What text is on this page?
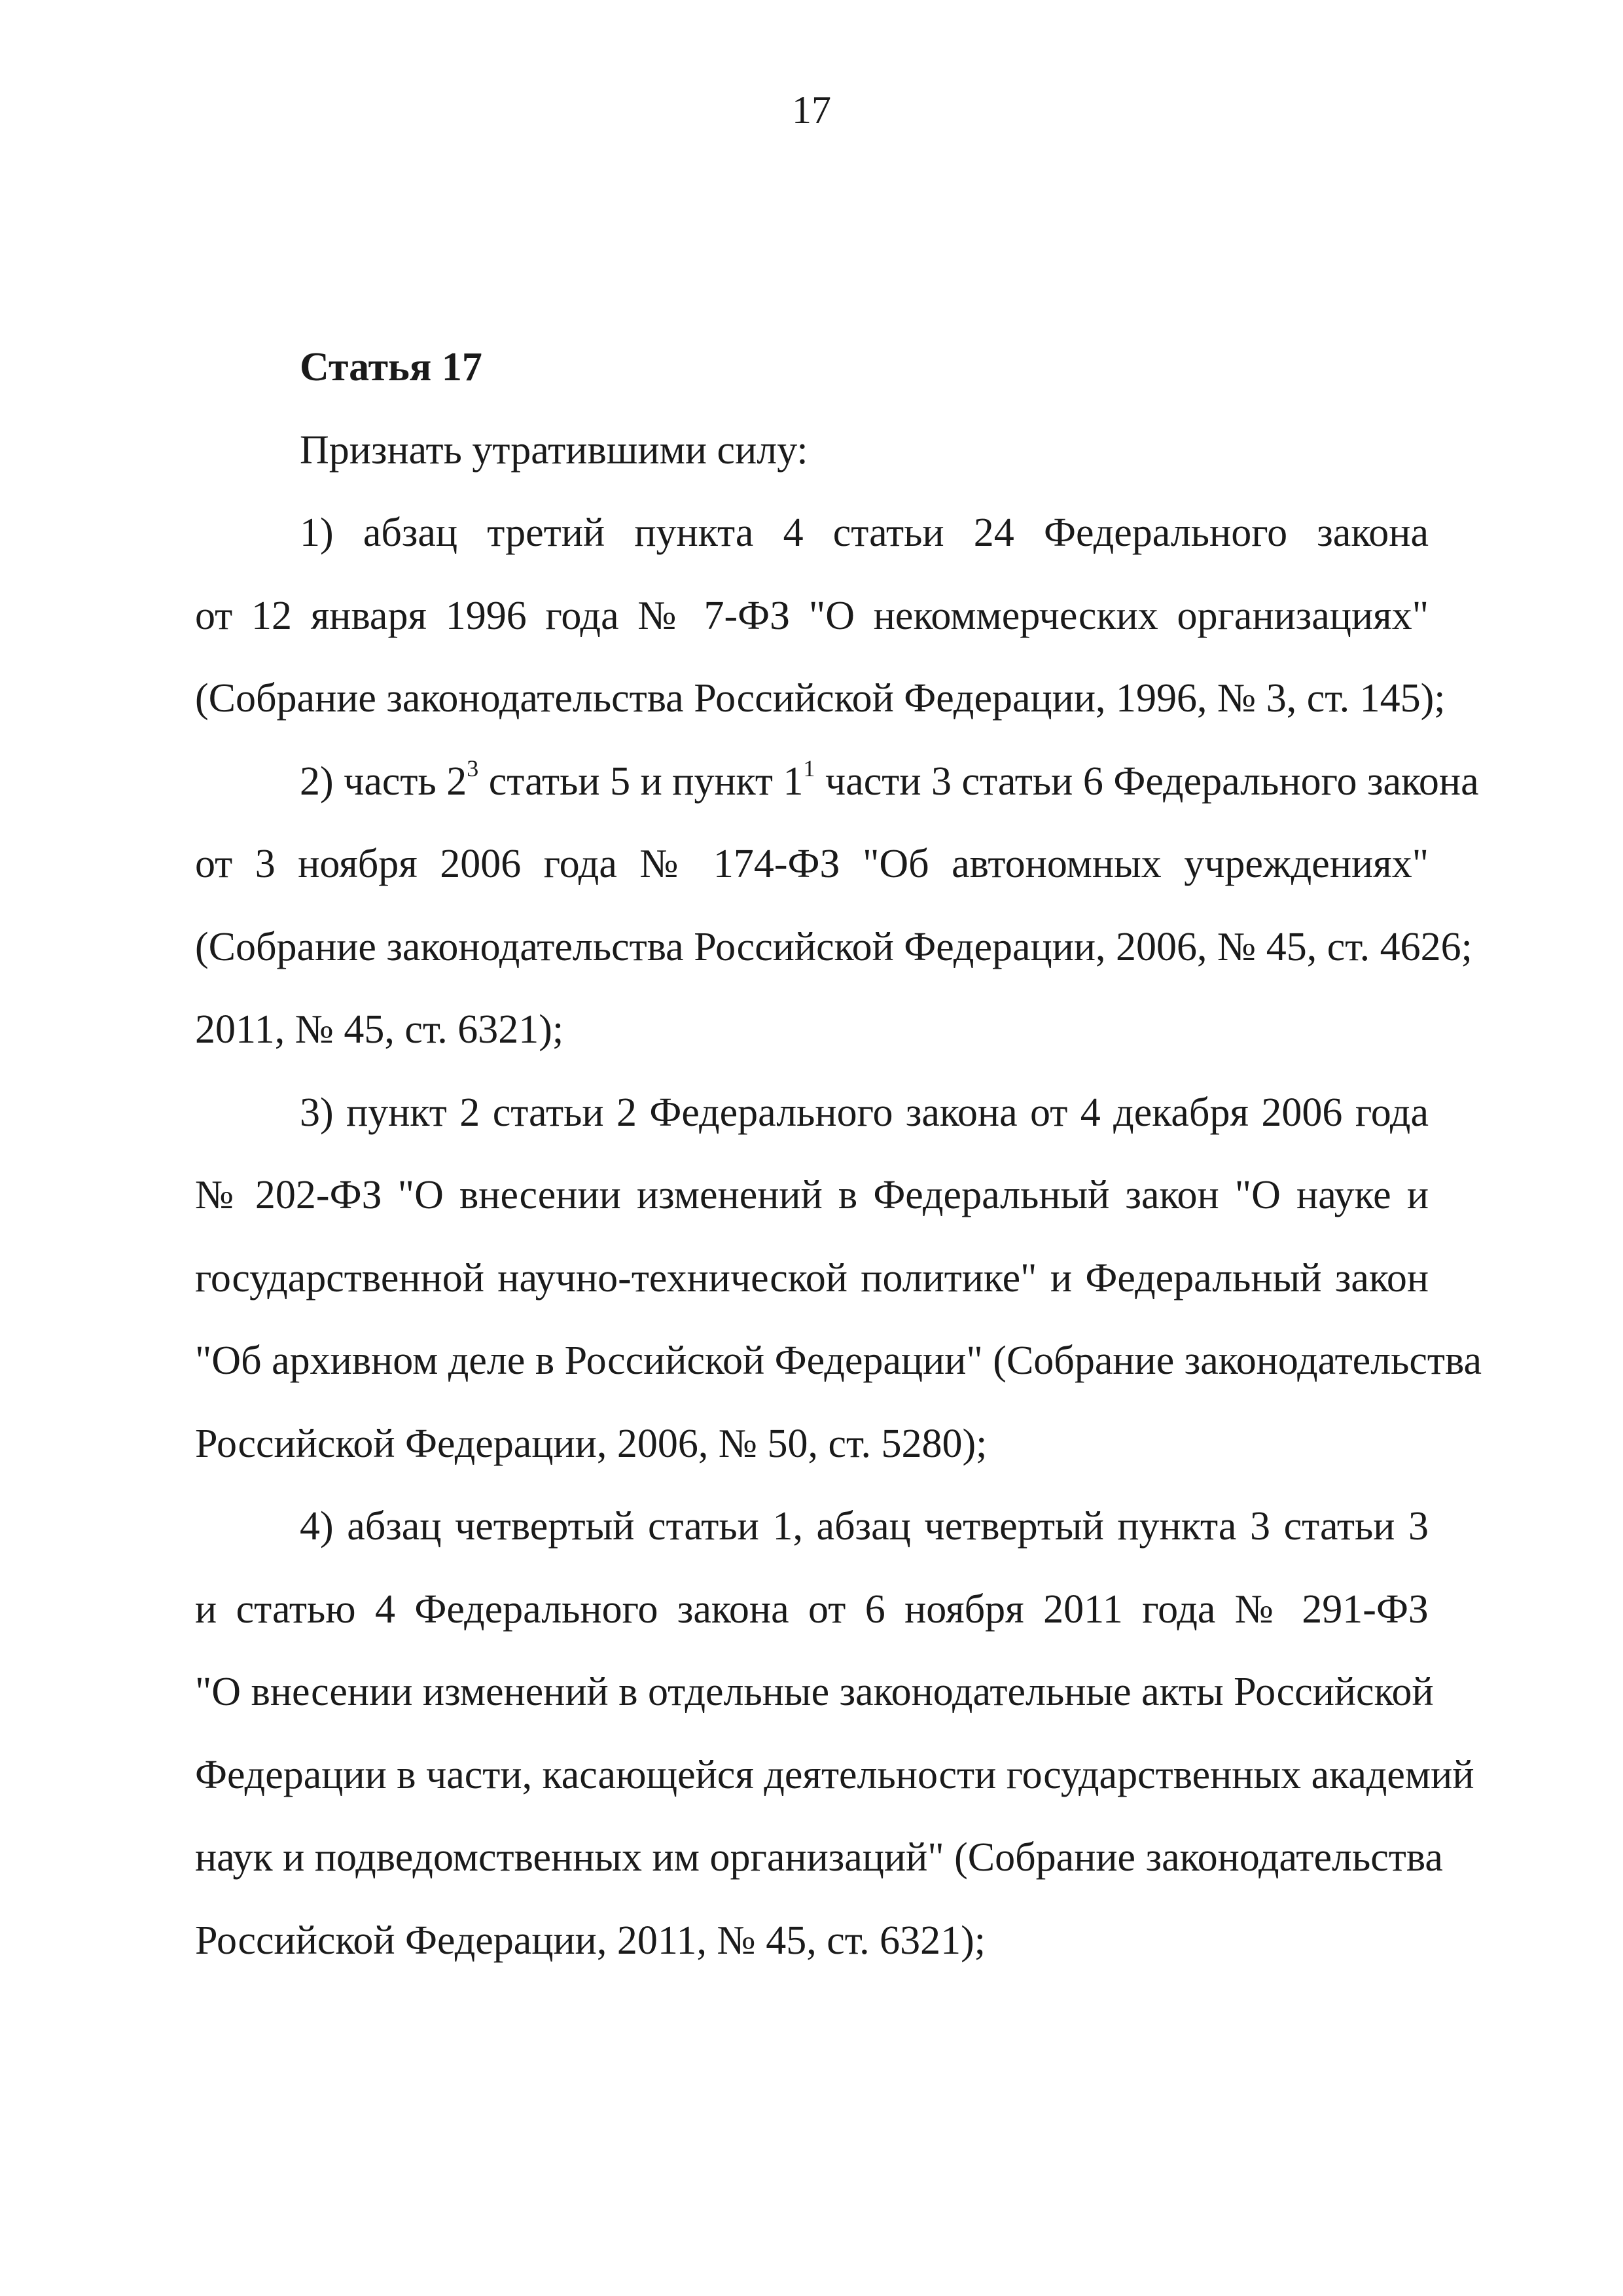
17
Статья 17
Признать утратившими силу:
1) абзац третий пункта 4 статьи 24 Федерального закона
от 12 января 1996 года № 7-ФЗ "О некоммерческих организациях"
(Собрание законодательства Российской Федерации, 1996, № 3, ст. 145);
2) часть $2^3$ статьи 5 и пункт $1^1$ части 3 статьи 6 Федерального закона
от 3 ноября 2006 года № 174-ФЗ "Об автономных учреждениях"
(Собрание законодательства Российской Федерации, 2006, № 45, ст. 4626;
2011, № 45, ст. 6321);
3) пункт 2 статьи 2 Федерального закона от 4 декабря 2006 года
№ 202-ФЗ "О внесении изменений в Федеральный закон "О науке и
государственной научно-технической политике" и Федеральный закон
"Об архивном деле в Российской Федерации" (Собрание законодательства
Российской Федерации, 2006, № 50, ст. 5280);
4) абзац четвертый статьи 1, абзац четвертый пункта 3 статьи 3
и статью 4 Федерального закона от 6 ноября 2011 года № 291-ФЗ
"О внесении изменений в отдельные законодательные акты Российской
Федерации в части, касающейся деятельности государственных академий
наук и подведомственных им организаций" (Собрание законодательства
Российской Федерации, 2011, № 45, ст. 6321);
